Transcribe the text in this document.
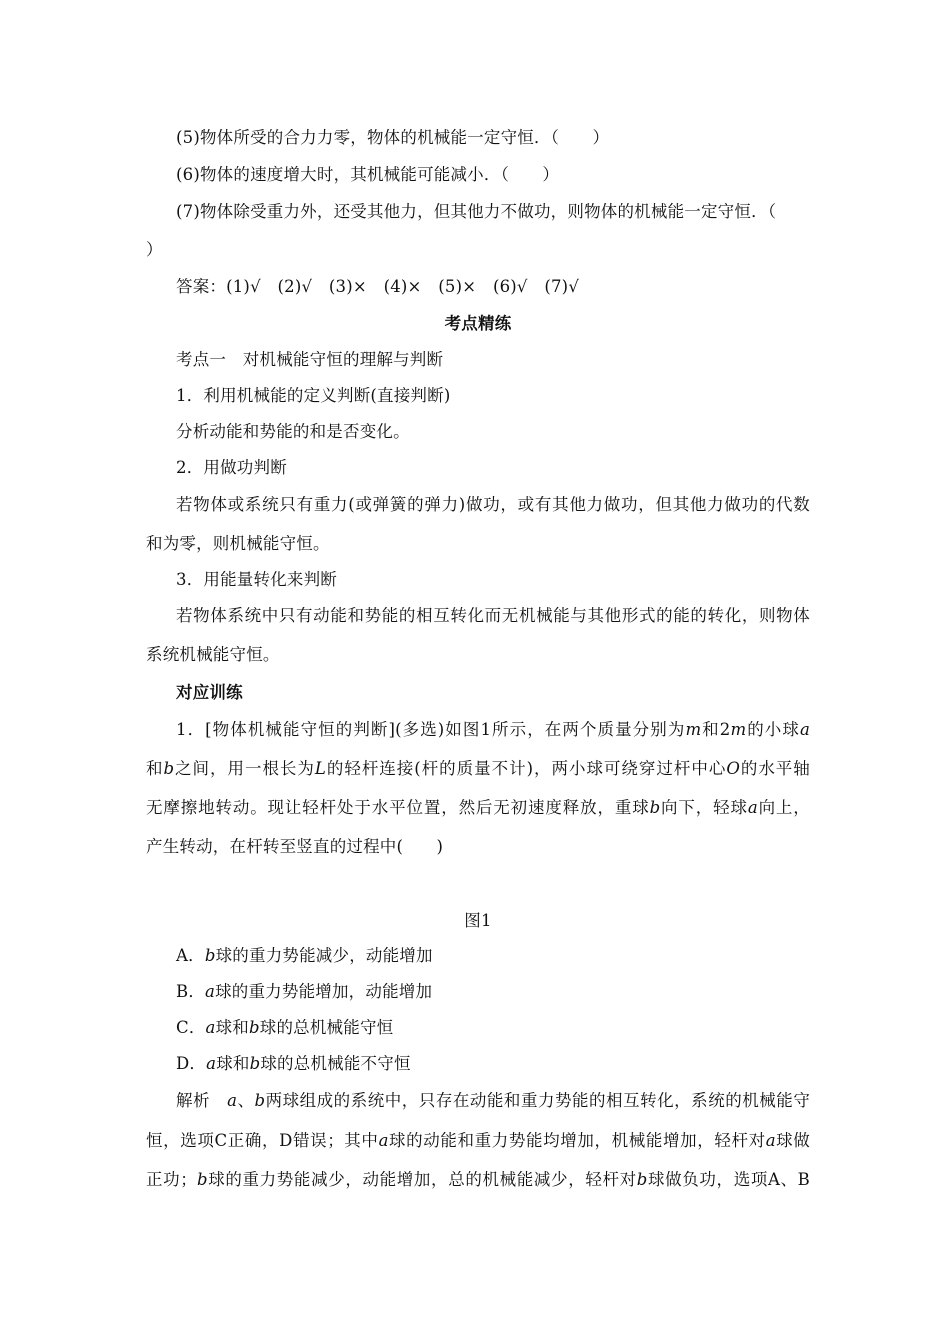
(5)物体所受的合力力零，物体的机械能一定守恒．（　　）
(6)物体的速度增大时，其机械能可能减小．（　　）
(7)物体除受重力外，还受其他力，但其他力不做功，则物体的机械能一定守恒．（
）
答案：(1)√　(2)√　(3)×　(4)×　(5)×　(6)√　(7)√
考点精练
考点一　对机械能守恒的理解与判断
1．利用机械能的定义判断(直接判断)
分析动能和势能的和是否变化。
2．用做功判断
若物体或系统只有重力(或弹簧的弹力)做功，或有其他力做功，但其他力做功的代数
和为零，则机械能守恒。
3．用能量转化来判断
若物体系统中只有动能和势能的相互转化而无机械能与其他形式的能的转化，则物体
系统机械能守恒。
对应训练
1．[物体机械能守恒的判断](多选)如图1所示，在两个质量分别为m和2m的小球a
和b之间，用一根长为L的轻杆连接(杆的质量不计)，两小球可绕穿过杆中心O的水平轴
无摩擦地转动。现让轻杆处于水平位置，然后无初速度释放，重球b向下，轻球a向上，
产生转动，在杆转至竖直的过程中(　　)
图1
A．b球的重力势能减少，动能增加
B．a球的重力势能增加，动能增加
C．a球和b球的总机械能守恒
D．a球和b球的总机械能不守恒
解析　 a、b两球组成的系统中，只存在动能和重力势能的相互转化，系统的机械能守
恒，选项C正确，D错误；其中a球的动能和重力势能均增加，机械能增加，轻杆对a球做
正功；b球的重力势能减少，动能增加，总的机械能减少，轻杆对b球做负功，选项A、B
